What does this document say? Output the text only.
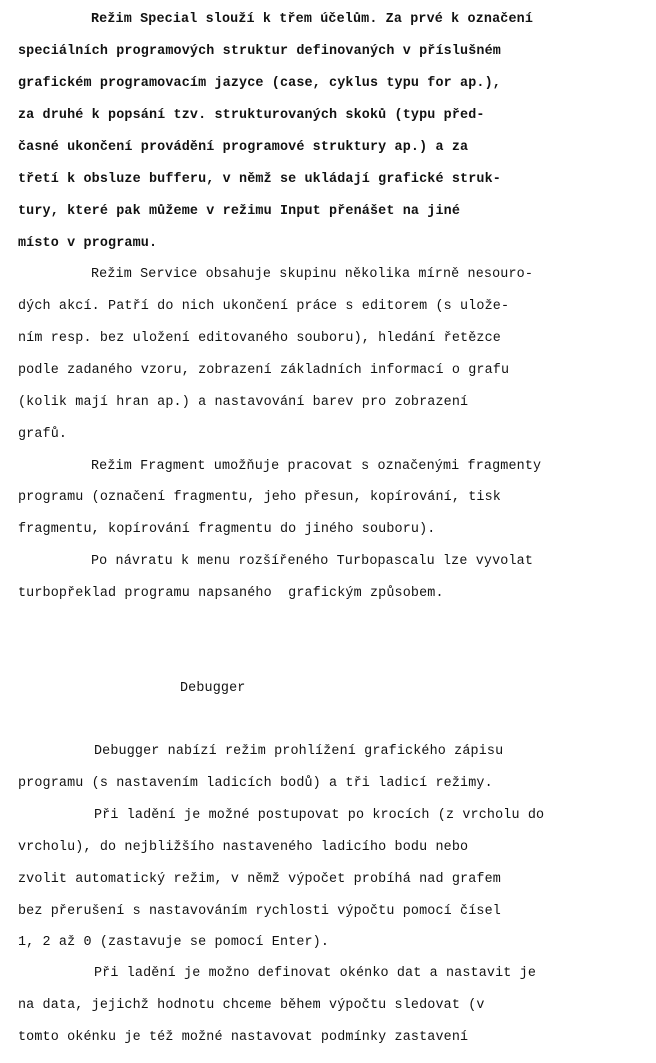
Režim Special slouží k třem účelům. Za prvé k označení
speciálních programových struktur definovaných v příslušném
grafickém programovacím jazyce (case, cyklus typu for ap.),
za druhé k popsání tzv. strukturovaných skoků (typu před-
časné ukončení provádění programové struktury ap.) a za
třetí k obsluze bufferu, v němž se ukládají grafické struk-
tury, které pak můžeme v režimu Input přenášet na jiné
místo v programu.
Režim Service obsahuje skupinu několika mírně nesouro-
dých akcí. Patří do nich ukončení práce s editorem (s ulože-
ním resp. bez uložení editovaného souboru), hledání řetězce
podle zadaného vzoru, zobrazení základních informací o grafu
(kolik mají hran ap.) a nastavování barev pro zobrazení
grafů.
Režim Fragment umožňuje pracovat s označenými fragmenty
programu (označení fragmentu, jeho přesun, kopírování, tisk
fragmentu, kopírování fragmentu do jiného souboru).
Po návratu k menu rozšířeného Turbopascalu lze vyvolat
turbopřeklad programu napsaného  grafickým způsobem.
Debugger
Debugger nabízí režim prohlížení grafického zápisu
programu (s nastavením ladicích bodů) a tři ladicí režimy.
Při ladění je možné postupovat po krocích (z vrcholu do
vrcholu), do nejbližšího nastaveného ladicího bodu nebo
zvolit automatický režim, v němž výpočet probíhá nad grafem
bez přerušení s nastavováním rychlosti výpočtu pomocí čísel
1, 2 až 0 (zastavuje se pomocí Enter).
Při ladění je možno definovat okénko dat a nastavit je
na data, jejichž hodnotu chceme během výpočtu sledovat (v
tomto okénku je též možné nastavovat podmínky zastavení
